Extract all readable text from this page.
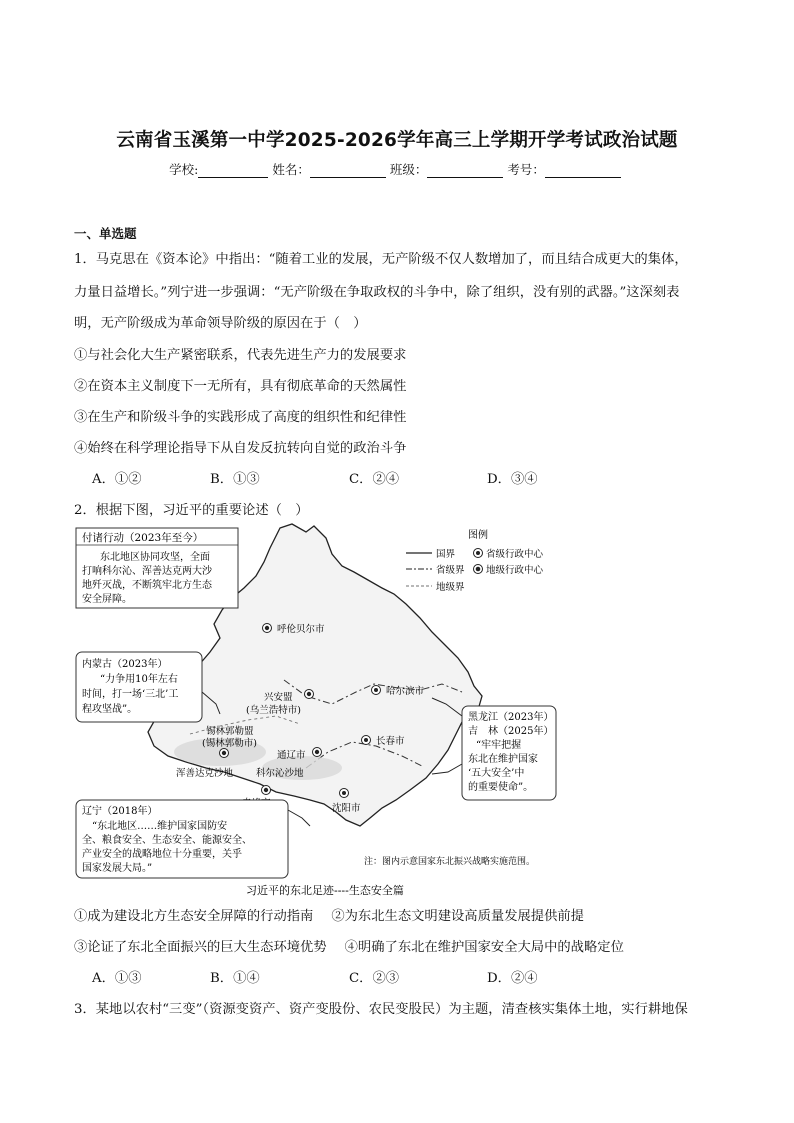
云南省玉溪第一中学2025-2026学年高三上学期开学考试政治试题
学校:	姓名：	班级：	考号：
一、单选题
1．马克思在《资本论》中指出：“随着工业的发展，无产阶级不仅人数增加了，而且结合成更大的集体，
力量日益增长。”列宁进一步强调：“无产阶级在争取政权的斗争中，除了组织，没有别的武器。”这深刻表
明，无产阶级成为革命领导阶级的原因在于（　）
①与社会化大生产紧密联系，代表先进生产力的发展要求
②在资本主义制度下一无所有，具有彻底革命的天然属性
③在生产和阶级斗争的实践形成了高度的组织性和纪律性
④始终在科学理论指导下从自发反抗转向自觉的政治斗争
A．①②	B．①③	C．②④	D．③④
2．根据下图，习近平的重要论述（　）
付诸行动（2023年至今）
东北地区协同攻坚，全面
打响科尔沁、浑善达克两大沙
地歼灭战，不断筑牢北方生态
安全屏障。
图例
国界
省级界
地级界
省级行政中心
地级行政中心
呼伦贝尔市
兴安盟
(乌兰浩特市)
哈尔滨市
锡林郭勒盟
(锡林郭勒市)	长春市
通辽市
沈阳市
浑善达克沙地 科尔沁沙地
内蒙古（2023年）
“力争用10年左右
时间，打一场‘三北’工
程攻坚战”。
黑龙江（2023年）
吉　林（2025年）
“牢牢把握
东北在维护国家
‘五大安全’中
的重要使命”。
辽宁（2018年）
“东北地区……维护国家国防安
全、粮食安全、生态安全、能源安全、
产业安全的战略地位十分重要，关乎
国家发展大局。”
注：图内示意国家东北振兴战略实施范围。
习近平的东北足迹----生态安全篇
①成为建设北方生态安全屏障的行动指南 ②为东北生态文明建设高质量发展提供前提
③论证了东北全面振兴的巨大生态环境优势 ④明确了东北在维护国家安全大局中的战略定位
A．①③	B．①④	C．②③	D．②④
3．某地以农村“三变”（资源变资产、资产变股份、农民变股民）为主题，清查核实集体土地，实行耕地保
